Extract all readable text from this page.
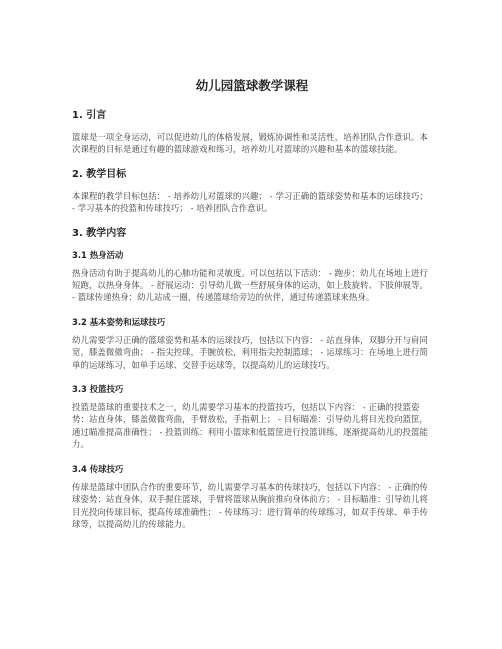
幼儿园篮球教学课程
1. 引言
篮球是一项全身运动，可以促进幼儿的体格发展，锻炼协调性和灵活性，培养团队合作意识。本次课程的目标是通过有趣的篮球游戏和练习，培养幼儿对篮球的兴趣和基本的篮球技能。
2. 教学目标
本课程的教学目标包括： - 培养幼儿对篮球的兴趣； - 学习正确的篮球姿势和基本的运球技巧； - 学习基本的投篮和传球技巧； - 培养团队合作意识。
3. 教学内容
3.1 热身活动
热身活动有助于提高幼儿的心肺功能和灵敏度。可以包括以下活动： - 跑步：幼儿在场地上进行短跑，以热身身体。 - 舒展运动：引导幼儿做一些舒展身体的运动，如上肢旋转、下肢伸展等。 - 篮球传递热身：幼儿站成一圈，传递篮球给旁边的伙伴，通过传递篮球来热身。
3.2 基本姿势和运球技巧
幼儿需要学习正确的篮球姿势和基本的运球技巧，包括以下内容： - 站直身体，双脚分开与肩同宽，膝盖微微弯曲； - 指尖控球，手腕放松，利用指尖控制篮球； - 运球练习：在场地上进行简单的运球练习，如单手运球、交替手运球等，以提高幼儿的运球技巧。
3.3 投篮技巧
投篮是篮球的重要技术之一，幼儿需要学习基本的投篮技巧，包括以下内容： - 正确的投篮姿势：站直身体，膝盖微微弯曲，手臂放松，手指朝上； - 目标瞄准：引导幼儿将目光投向篮筐，通过瞄准提高准确性； - 投篮训练：利用小篮球和低篮筐进行投篮训练，逐渐提高幼儿的投篮能力。
3.4 传球技巧
传球是篮球中团队合作的重要环节，幼儿需要学习基本的传球技巧，包括以下内容： - 正确的传球姿势：站直身体，双手握住篮球，手臂将篮球从胸前推向身体前方； - 目标瞄准：引导幼儿将目光投向传球目标，提高传球准确性； - 传球练习：进行简单的传球练习，如双手传球、单手传球等，以提高幼儿的传球能力。
